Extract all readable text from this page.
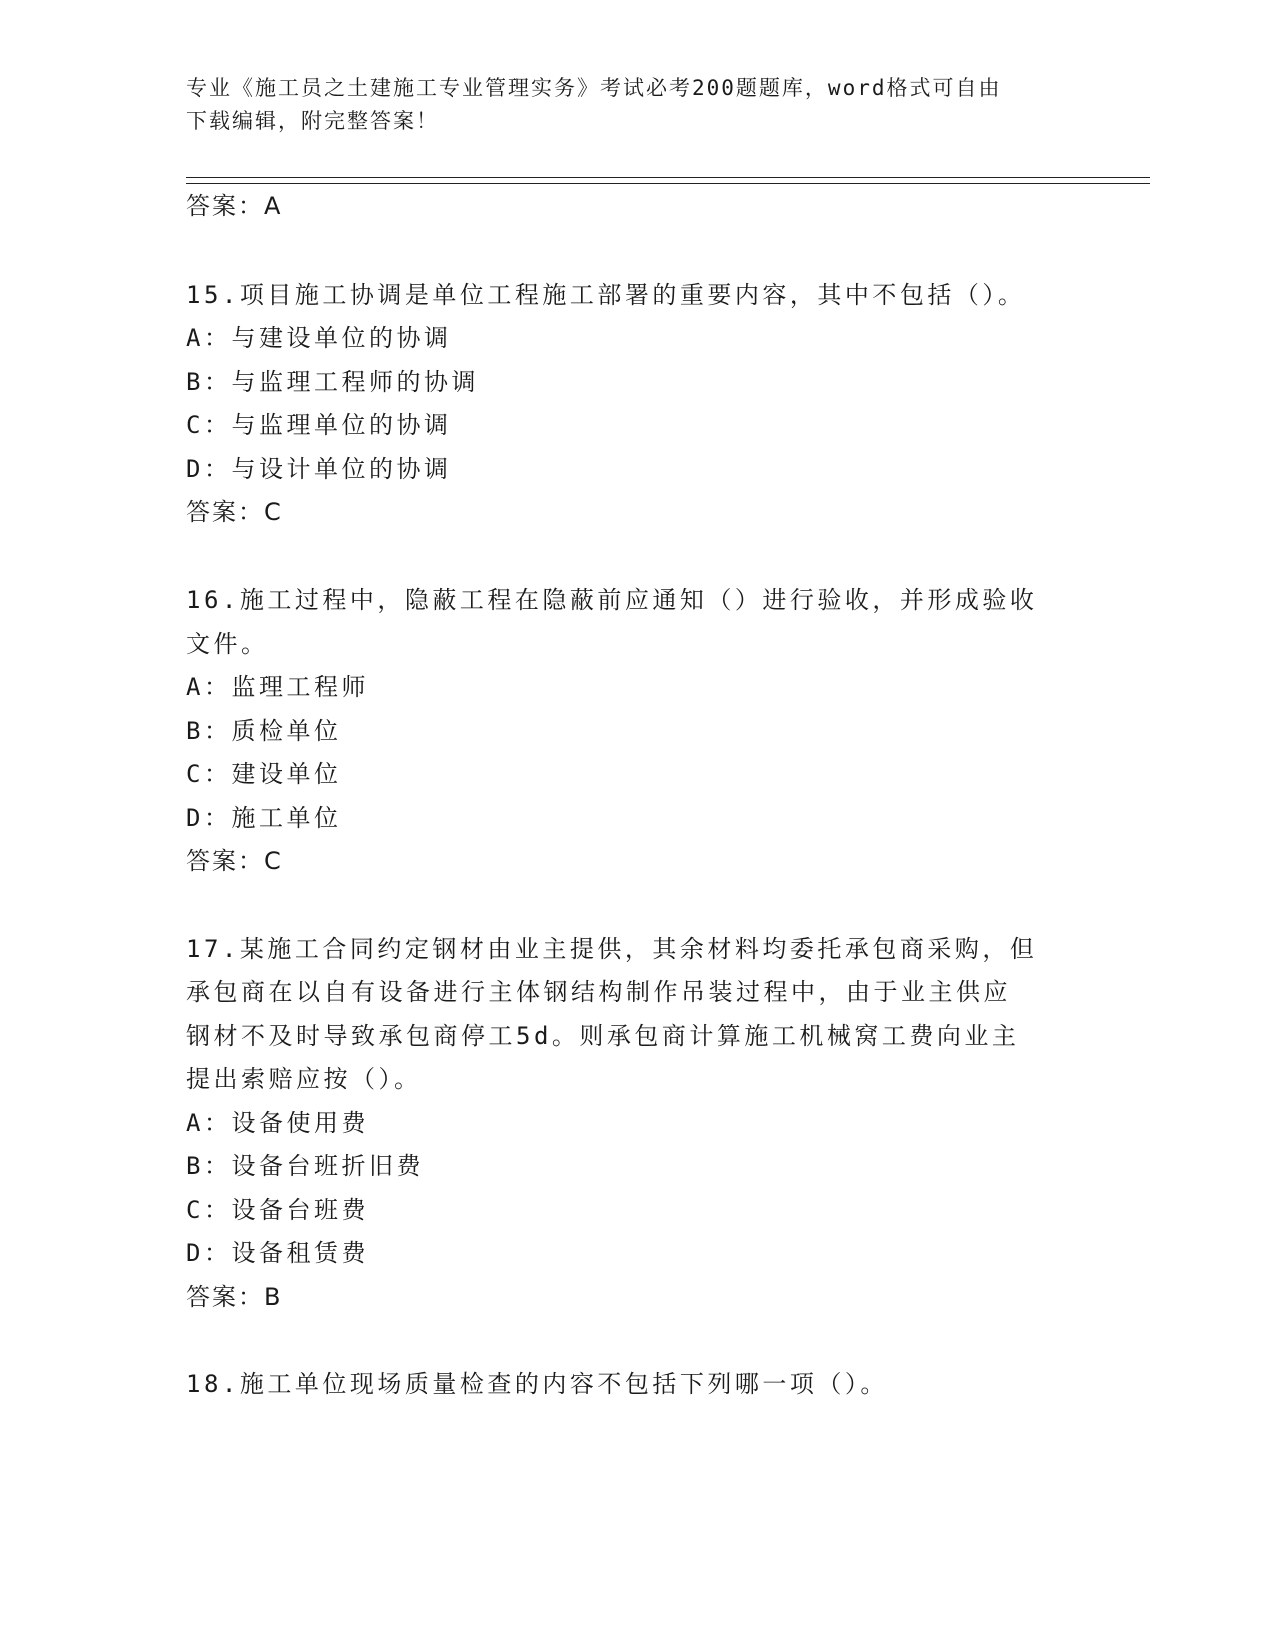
专业《施工员之土建施工专业管理实务》考试必考200题题库，word格式可自由
下载编辑，附完整答案！
答案：A
15.项目施工协调是单位工程施工部署的重要内容，其中不包括（）。
A：与建设单位的协调
B：与监理工程师的协调
C：与监理单位的协调
D：与设计单位的协调
答案：C
16.施工过程中，隐蔽工程在隐蔽前应通知（）进行验收，并形成验收
文件。
A：监理工程师
B：质检单位
C：建设单位
D：施工单位
答案：C
17.某施工合同约定钢材由业主提供，其余材料均委托承包商采购，但
承包商在以自有设备进行主体钢结构制作吊装过程中，由于业主供应
钢材不及时导致承包商停工5d。则承包商计算施工机械窝工费向业主
提出索赔应按（）。
A：设备使用费
B：设备台班折旧费
C：设备台班费
D：设备租赁费
答案：B
18.施工单位现场质量检查的内容不包括下列哪一项（）。
